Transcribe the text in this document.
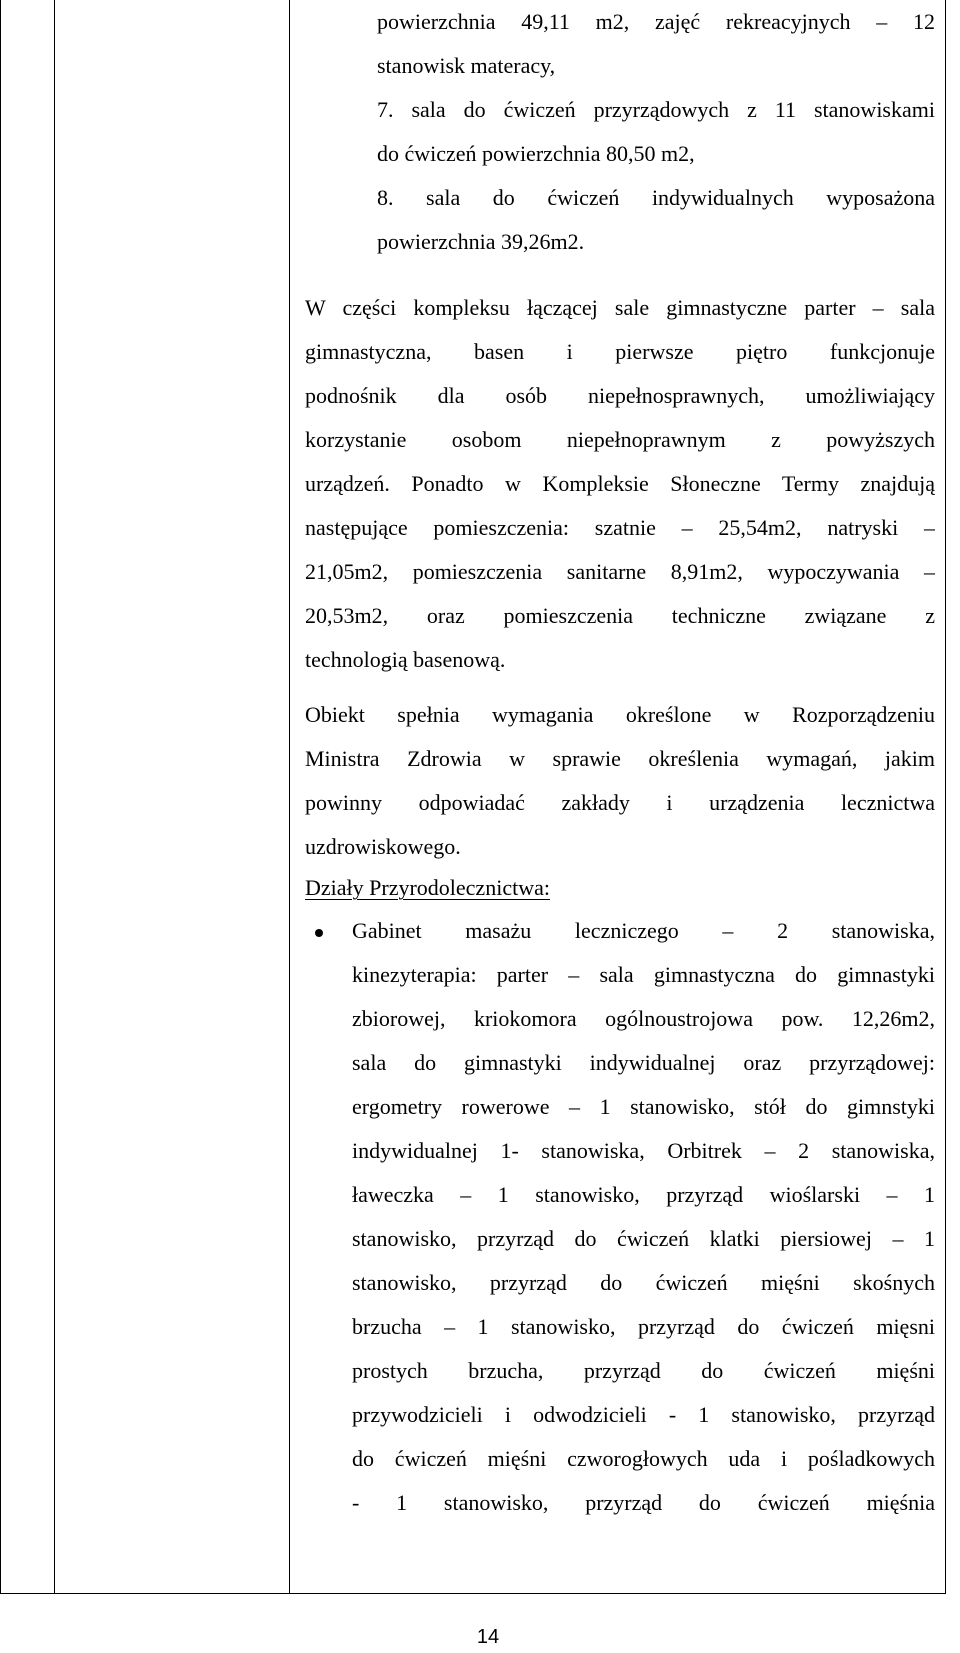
powierzchnia 49,11 m2, zajęć rekreacyjnych – 12
stanowisk materacy,
7. sala do ćwiczeń przyrządowych z 11 stanowiskami
do ćwiczeń powierzchnia 80,50 m2,
8. sala do ćwiczeń indywidualnych wyposażona
powierzchnia 39,26m2.
W części kompleksu łączącej sale gimnastyczne parter – sala
gimnastyczna, basen i pierwsze piętro funkcjonuje
podnośnik dla osób niepełnosprawnych, umożliwiający
korzystanie osobom niepełnoprawnym z powyższych
urządzeń. Ponadto w Kompleksie Słoneczne Termy znajdują
następujące pomieszczenia: szatnie – 25,54m2, natryski –
21,05m2, pomieszczenia sanitarne 8,91m2, wypoczywania –
20,53m2, oraz pomieszczenia techniczne związane z
technologią basenową.
Obiekt spełnia wymagania określone w Rozporządzeniu
Ministra Zdrowia w sprawie określenia wymagań, jakim
powinny odpowiadać zakłady i urządzenia lecznictwa
uzdrowiskowego.
Działy Przyrodolecznictwa:
Gabinet masażu leczniczego – 2 stanowiska,
kinezyterapia: parter – sala gimnastyczna do gimnastyki
zbiorowej, kriokomora ogólnoustrojowa pow. 12,26m2,
sala do gimnastyki indywidualnej oraz przyrządowej:
ergometry rowerowe – 1 stanowisko, stół do gimnstyki
indywidualnej 1- stanowiska, Orbitrek – 2 stanowiska,
ławeczka – 1 stanowisko, przyrząd wioślarski – 1
stanowisko, przyrząd do ćwiczeń klatki piersiowej – 1
stanowisko, przyrząd do ćwiczeń mięśni skośnych
brzucha – 1 stanowisko, przyrząd do ćwiczeń mięsni
prostych brzucha, przyrząd do ćwiczeń mięśni
przywodzicieli i odwodzicieli - 1 stanowisko, przyrząd
do ćwiczeń mięśni czworogłowych uda i pośladkowych
- 1 stanowisko, przyrząd do ćwiczeń mięśnia
14
